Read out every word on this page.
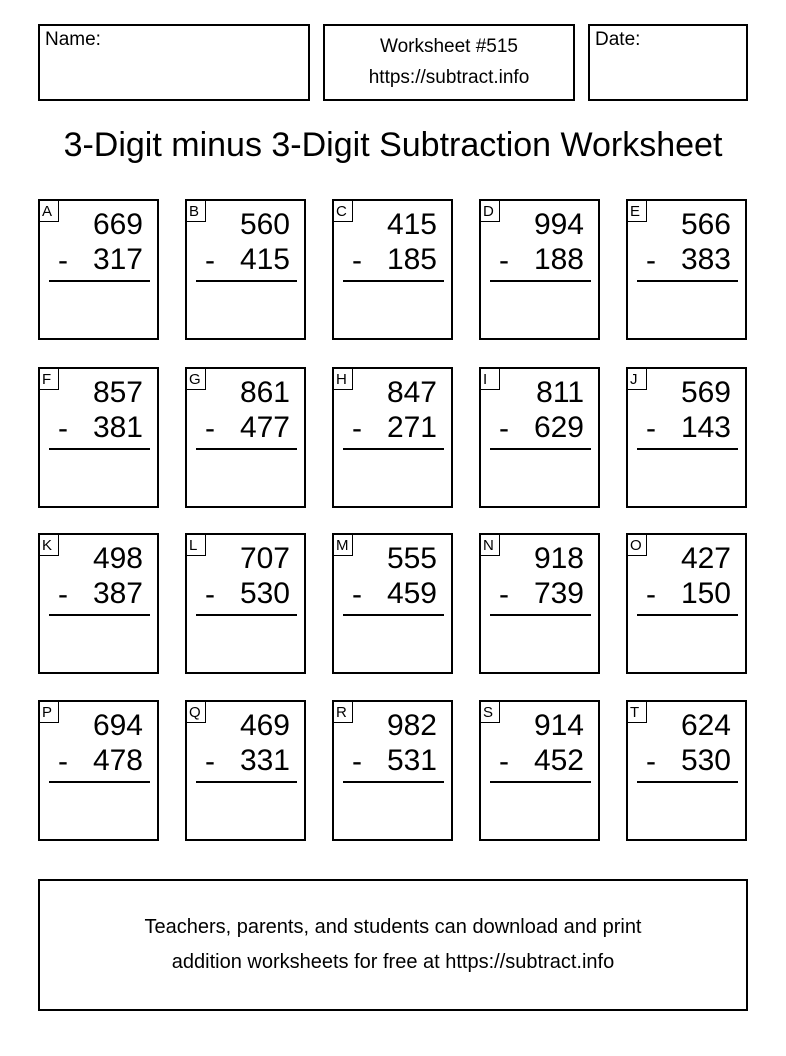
Name:	Worksheet #515
https://subtract.info
Date:
3-Digit minus 3-Digit Subtraction Worksheet
A 669
- 317
B 560
- 415
C 415
- 185
D 994
- 188
E 566
- 383
F 857
- 381
G 861
- 477
H 847
- 271
I	811
- 629
J	569
- 143
K 498
- 387
L 707
- 530
M 555
- 459
N 918
- 739
O 427
- 150
P 694
- 478
Q 469
- 331
R 982
- 531
S 914
- 452
T 624
- 530
Teachers, parents, and students can download and print
addition worksheets for free at https://subtract.info
